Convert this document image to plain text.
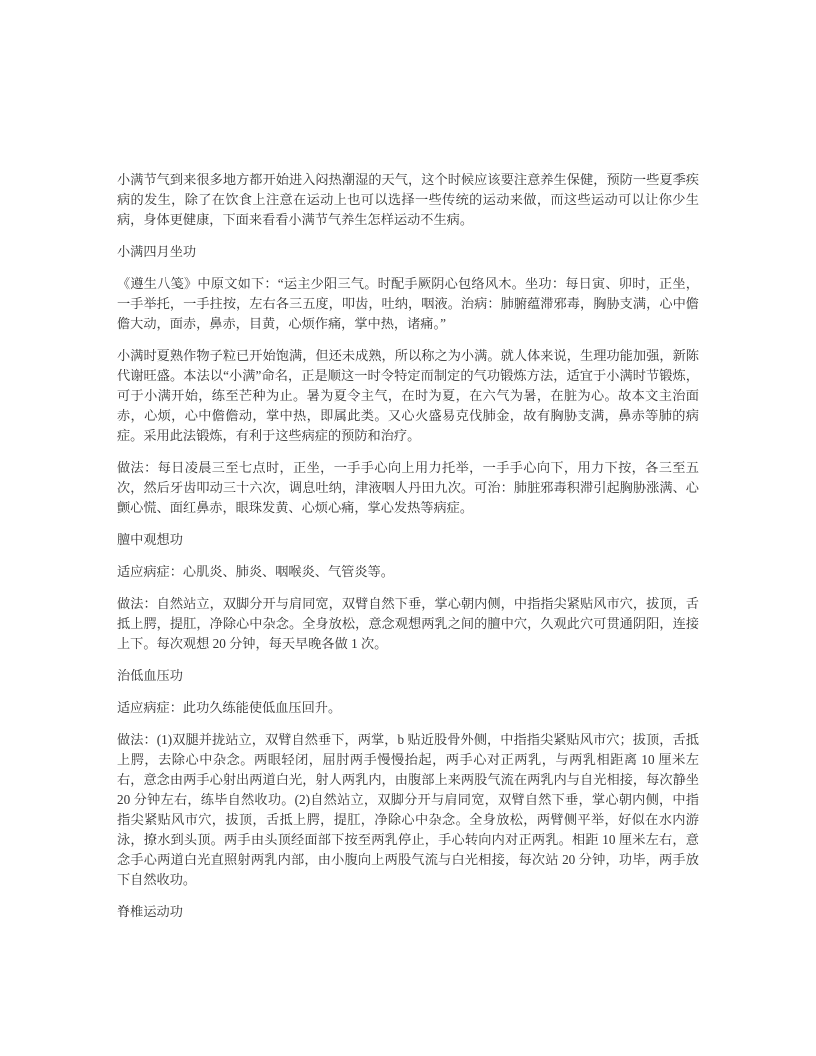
小满节气到来很多地方都开始进入闷热潮湿的天气，这个时候应该要注意养生保健，预防一些夏季疾病的发生，除了在饮食上注意在运动上也可以选择一些传统的运动来做，而这些运动可以让你少生病，身体更健康，下面来看看小满节气养生怎样运动不生病。
小满四月坐功
《遵生八笺》中原文如下：“运主少阳三气。时配手厥阴心包络风木。坐功：每日寅、卯时，正坐，一手举托，一手拄按，左右各三五度，叩齿，吐纳，咽液。治病：肺腑蕴滞邪毒，胸胁支满，心中儋儋大动，面赤，鼻赤，目黄，心烦作痛，掌中热，诸痛。”
小满时夏熟作物子粒已开始饱满，但还未成熟，所以称之为小满。就人体来说，生理功能加强，新陈代谢旺盛。本法以“小满”命名，正是顺这一时令特定而制定的气功锻炼方法，适宜于小满时节锻炼，可于小满开始，练至芒种为止。暑为夏令主气，在时为夏，在六气为暑，在脏为心。故本文主治面赤，心烦，心中儋儋动，掌中热，即属此类。又心火盛易克伐肺金，故有胸胁支满，鼻赤等肺的病症。采用此法锻炼，有利于这些病症的预防和治疗。
做法：每日凌晨三至七点时，正坐，一手手心向上用力托举，一手手心向下，用力下按，各三至五次，然后牙齿叩动三十六次，调息吐纳，津液咽人丹田九次。可治：肺脏邪毒积滞引起胸胁涨满、心颤心慌、面红鼻赤，眼珠发黄、心烦心痛，掌心发热等病症。
膻中观想功
适应病症：心肌炎、肺炎、咽喉炎、气管炎等。
做法：自然站立，双脚分开与肩同宽，双臂自然下垂，掌心朝内侧，中指指尖紧贴风市穴，拔顶，舌抵上腭，提肛，净除心中杂念。全身放松，意念观想两乳之间的膻中穴，久观此穴可贯通阴阳，连接上下。每次观想 20 分钟，每天早晚各做 1 次。
治低血压功
适应病症：此功久练能使低血压回升。
做法：(1)双腿并拢站立，双臂自然垂下，两掌，b 贴近股骨外侧，中指指尖紧贴风市穴；拔顶，舌抵上腭，去除心中杂念。两眼轻闭，屈肘两手慢慢抬起，两手心对正两乳，与两乳相距离 10 厘米左右，意念由两手心射出两道白光，射人两乳内，由腹部上来两股气流在两乳内与自光相接，每次静坐 20 分钟左右，练毕自然收功。(2)自然站立，双脚分开与肩同宽，双臂自然下垂，掌心朝内侧，中指指尖紧贴风市穴，拔顶，舌抵上腭，提肛，净除心中杂念。全身放松，两臂侧平举，好似在水内游泳，撩水到头顶。两手由头顶经面部下按至两乳停止，手心转向内对正两乳。相距 10 厘米左右，意念手心两道白光直照射两乳内部，由小腹向上两股气流与白光相接，每次站 20 分钟，功毕，两手放下自然收功。
脊椎运动功
